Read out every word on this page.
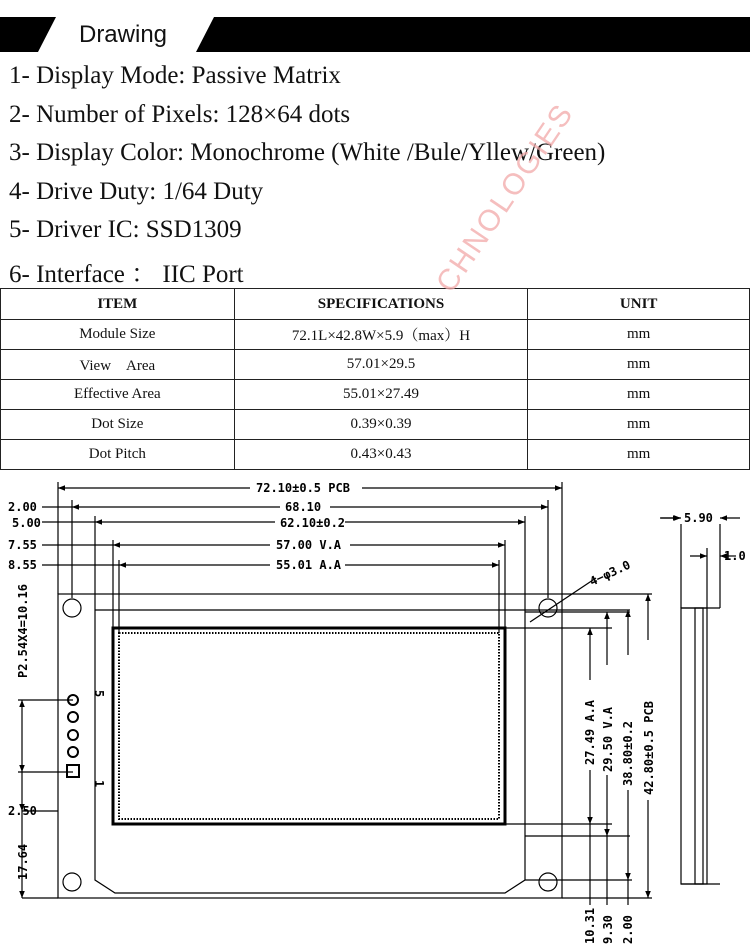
Drawing
1- Display Mode: Passive Matrix
2- Number of Pixels: 128×64 dots
3- Display Color: Monochrome (White /Bule/Yllew/Green)
4- Drive Duty: 1/64 Duty
5- Driver IC: SSD1309
6- Interface ： IIC Port
ITEM	SPECIFICATIONS	UNIT
Module Size	72.1L×42.8W×5.9（max）H	mm
View　Area	57.01×29.5	mm
Effective Area	55.01×27.49	mm
Dot Size	0.39×0.39	mm
Dot Pitch	0.43×0.43	mm
CHNOLOGIES
72.10±0.5 PCB
68.10
62.10±0.2
57.00 V.A
55.01 A.A
2.00
5.00
7.55
8.55	4−φ3.0
P2.54X4=10.16
5
1
2.50
17.64
27.49 A.A 29.50 V.A 38.80±0.2 42.80±0.5 PCB
10.31 9.30 2.00
5.90
1.0
